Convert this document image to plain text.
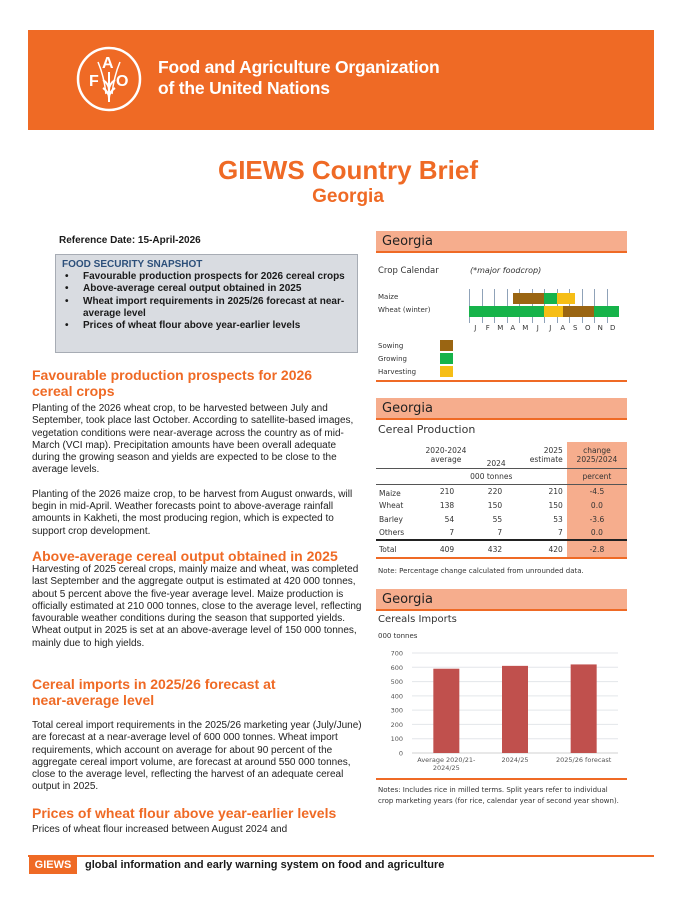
F
A
O
Food and Agriculture Organization
of the United Nations
GIEWS Country Brief
Georgia
Reference Date: 15-April-2026
FOOD SECURITY SNAPSHOT
• Favourable production prospects for 2026 cereal crops
• Above-average cereal output obtained in 2025
• Wheat import requirements in 2025/26 forecast at near-average level
• Prices of wheat flour above year-earlier levels
Favourable production prospects for 2026 cereal crops

Planting of the 2026 wheat crop, to be harvested between July and September, took place last October. According to satellite-based images, vegetation conditions were near-average across the country as of mid-March (VCI map). Precipitation amounts have been overall adequate during the growing season and yields are expected to be close to the average levels.

Planting of the 2026 maize crop, to be harvest from August onwards, will begin in mid-April. Weather forecasts point to above-average rainfall amounts in Kakheti, the most producing region, which is expected to support crop development.

Above-average cereal output obtained in 2025

Harvesting of 2025 cereal crops, mainly maize and wheat, was completed last September and the aggregate output is estimated at 420 000 tonnes, about 5 percent above the five-year average level. Maize production is officially estimated at 210 000 tonnes, close to the average level, reflecting favourable weather conditions during the season that supported yields. Wheat output in 2025 is set at an above-average level of 150 000 tonnes, mainly due to high yields.

Cereal imports in 2025/26 forecast at near-average level

Total cereal import requirements in the 2025/26 marketing year (July/June) are forecast at a near-average level of 600 000 tonnes. Wheat import requirements, which account on average for about 90 percent of the aggregate cereal import volume, are forecast at around 550 000 tonnes, close to the average level, reflecting the harvest of an adequate cereal output in 2025.

Prices of wheat flour above year-earlier levels

Prices of wheat flour increased between August 2024 and

Georgia
Crop Calendar	(*major foodcrop)
Maize
Wheat (winter)
J	F	M	A	M	J	J	A	S	O	N	D
Sowing
Growing
Harvesting
Georgia
Cereal Production

2020-2024
average	2024	
2025
estimate

change
2025/2024

	000 tonnes			percent
Maize	210	220	210	-4.5
Wheat	138	150	150	0.0
Barley	54	55	53	-3.6
Others	7	7	7	0.0
Total	409	432	420	-2.8
Note: Percentage change calculated from unrounded data.
Georgia
Cereals Imports
000 tonnes
0
100
200
300
400
500
600
700
Average 2020/21-
2024/25
2024/25	2025/26 forecast
Notes: Includes rice in milled terms. Split years refer to individual crop marketing years (for rice, calendar year of second year shown).
GIEWS	global information and early warning system on food and agriculture
